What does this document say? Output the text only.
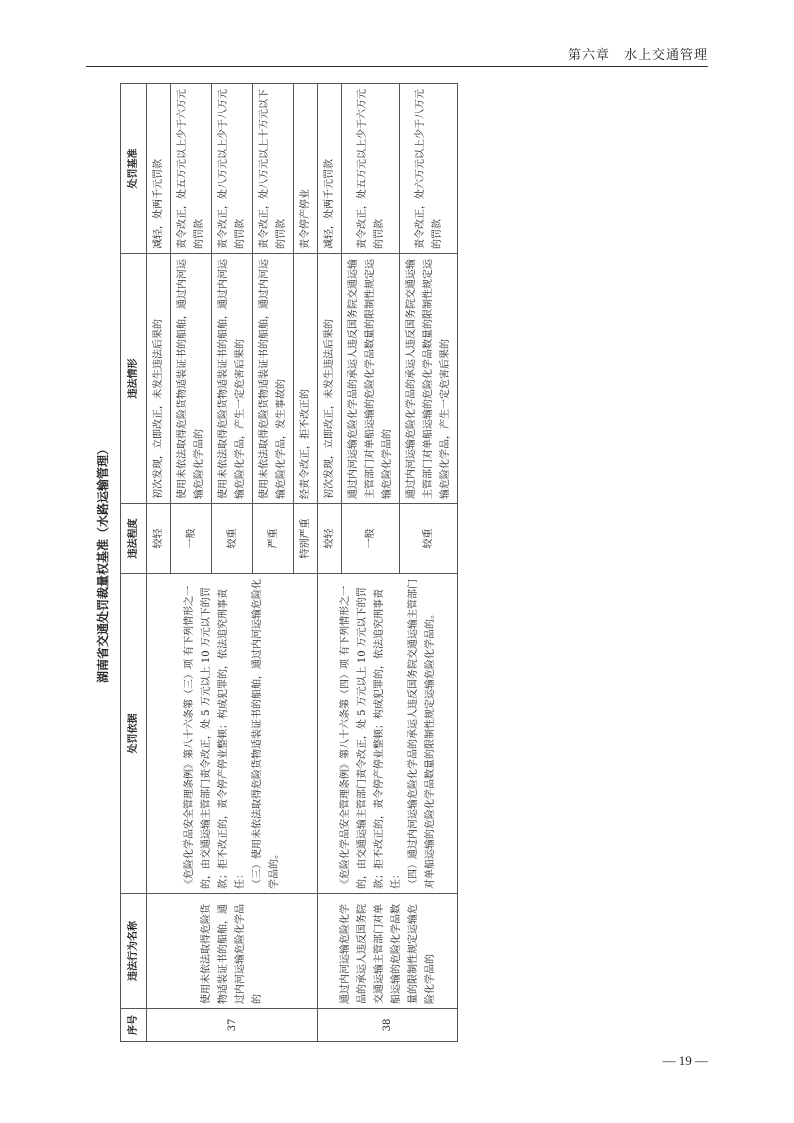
第六章　水上交通管理
湖南省交通处罚裁量权基准（水路运输管理）
序号	违法行为名称	处罚依据	违法程度	违法情形	处罚基准
37	使用未依法取得危险货物适装证书的船舶，通过内河运输危险化学品的	《危险化学品安全管理条例》第八十六条第（三）项 有下列情形之一的，由交通运输主管部门责令改正，处 5 万元以上 10 万元以下的罚款；拒不改正的，责令停产停业整顿；构成犯罪的，依法追究刑事责任： （三）使用未依法取得危险货物适装证书的船舶，通过内河运输危险化学品的。	较轻	初次发现，立即改正，未发生违法后果的	减轻，处两千元罚款
			一般	使用未依法取得危险货物适装证书的船舶，通过内河运输危险化学品的	责令改正，处五万元以上少于六万元的罚款
			较重	使用未依法取得危险货物适装证书的船舶，通过内河运输危险化学品，产生一定危害后果的	责令改正，处八万元以上少于八万元的罚款
			严重	使用未依法取得危险货物适装证书的船舶，通过内河运输危险化学品，发生事故的	责令改正，处八万元以上十万元以下的罚款
			特别严重	经责令改正，拒不改正的	责令停产停业
38	通过内河运输危险化学品的承运人违反国务院交通运输主管部门对单船运输的危险化学品数量的限制性规定运输危险化学品的	《危险化学品安全管理条例》第八十六条第（四）项 有下列情形之一的，由交通运输主管部门责令改正，处 5 万元以上 10 万元以下的罚款；拒不改正的，责令停产停业整顿；构成犯罪的，依法追究刑事责任： （四）通过内河运输危险化学品的承运人违反国务院交通运输主管部门对单船运输的危险化学品数量的限制性规定运输危险化学品的。	较轻	初次发现，立即改正，未发生违法后果的	减轻，处两千元罚款
			一般	通过内河运输危险化学品的承运人违反国务院交通运输主管部门对单船运输的危险化学品数量的限制性规定运输危险化学品的	责令改正，处五万元以上少于六万元的罚款
			较重	通过内河运输危险化学品的承运人违反国务院交通运输主管部门对单船运输的危险化学品数量的限制性规定运输危险化学品，产生一定危害后果的	责令改正，处六万元以上少于八万元的罚款
— 19 —
